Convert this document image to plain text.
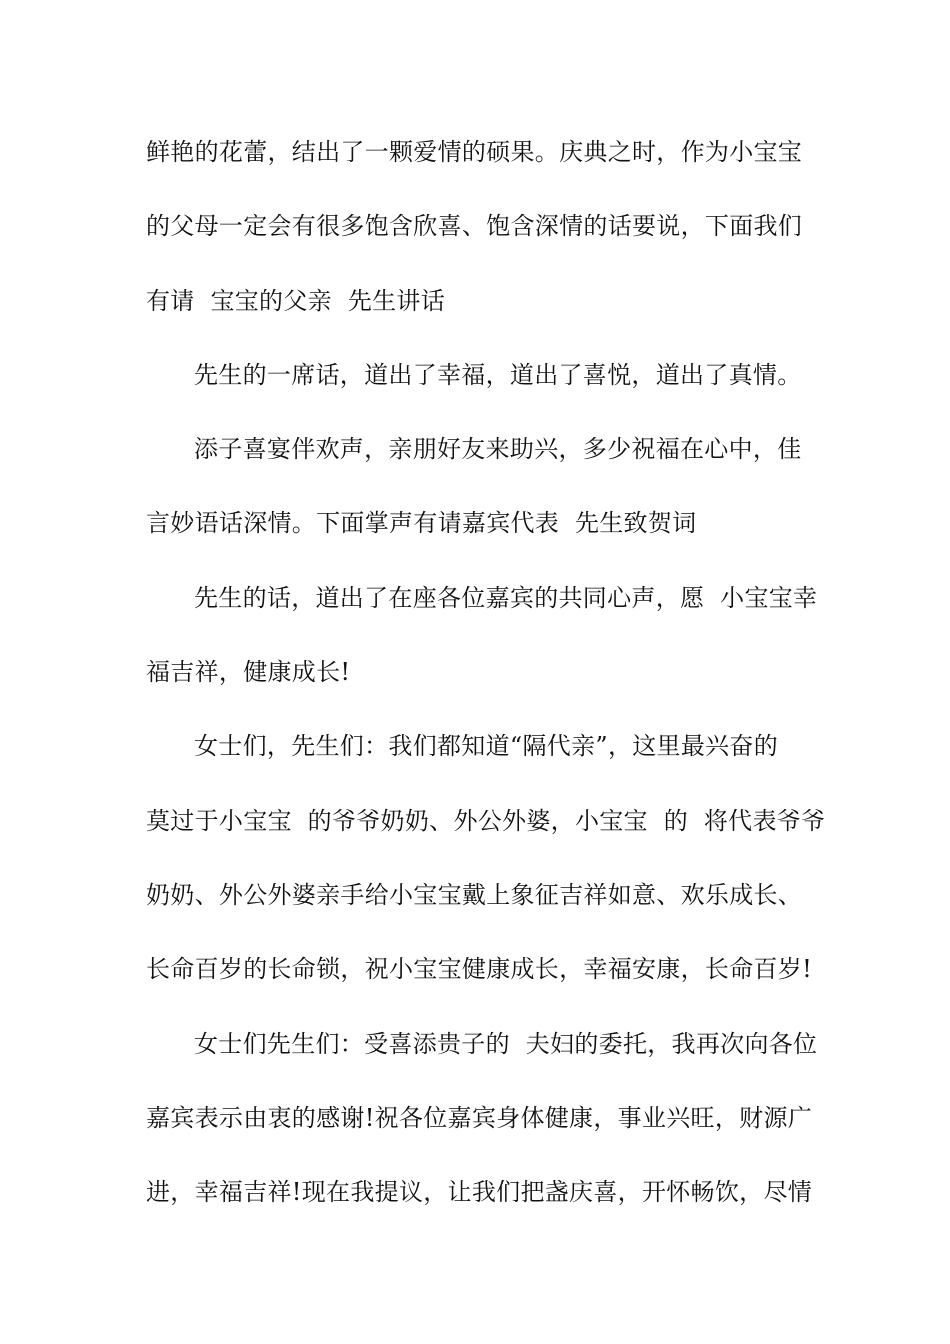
鲜艳的花蕾，结出了一颗爱情的硕果。庆典之时，作为小宝宝
的父母一定会有很多饱含欣喜、饱含深情的话要说，下面我们
有请  宝宝的父亲  先生讲话
先生的一席话，道出了幸福，道出了喜悦，道出了真情。
添子喜宴伴欢声，亲朋好友来助兴，多少祝福在心中，佳
言妙语话深情。下面掌声有请嘉宾代表  先生致贺词
先生的话，道出了在座各位嘉宾的共同心声，愿  小宝宝幸
福吉祥，健康成长!
女士们，先生们：我们都知道“隔代亲”，这里最兴奋的
莫过于小宝宝  的爷爷奶奶、外公外婆，小宝宝  的  将代表爷爷
奶奶、外公外婆亲手给小宝宝戴上象征吉祥如意、欢乐成长、
长命百岁的长命锁，祝小宝宝健康成长，幸福安康，长命百岁!
女士们先生们：受喜添贵子的  夫妇的委托，我再次向各位
嘉宾表示由衷的感谢!祝各位嘉宾身体健康，事业兴旺，财源广
进，幸福吉祥!现在我提议，让我们把盏庆喜，开怀畅饮，尽情
